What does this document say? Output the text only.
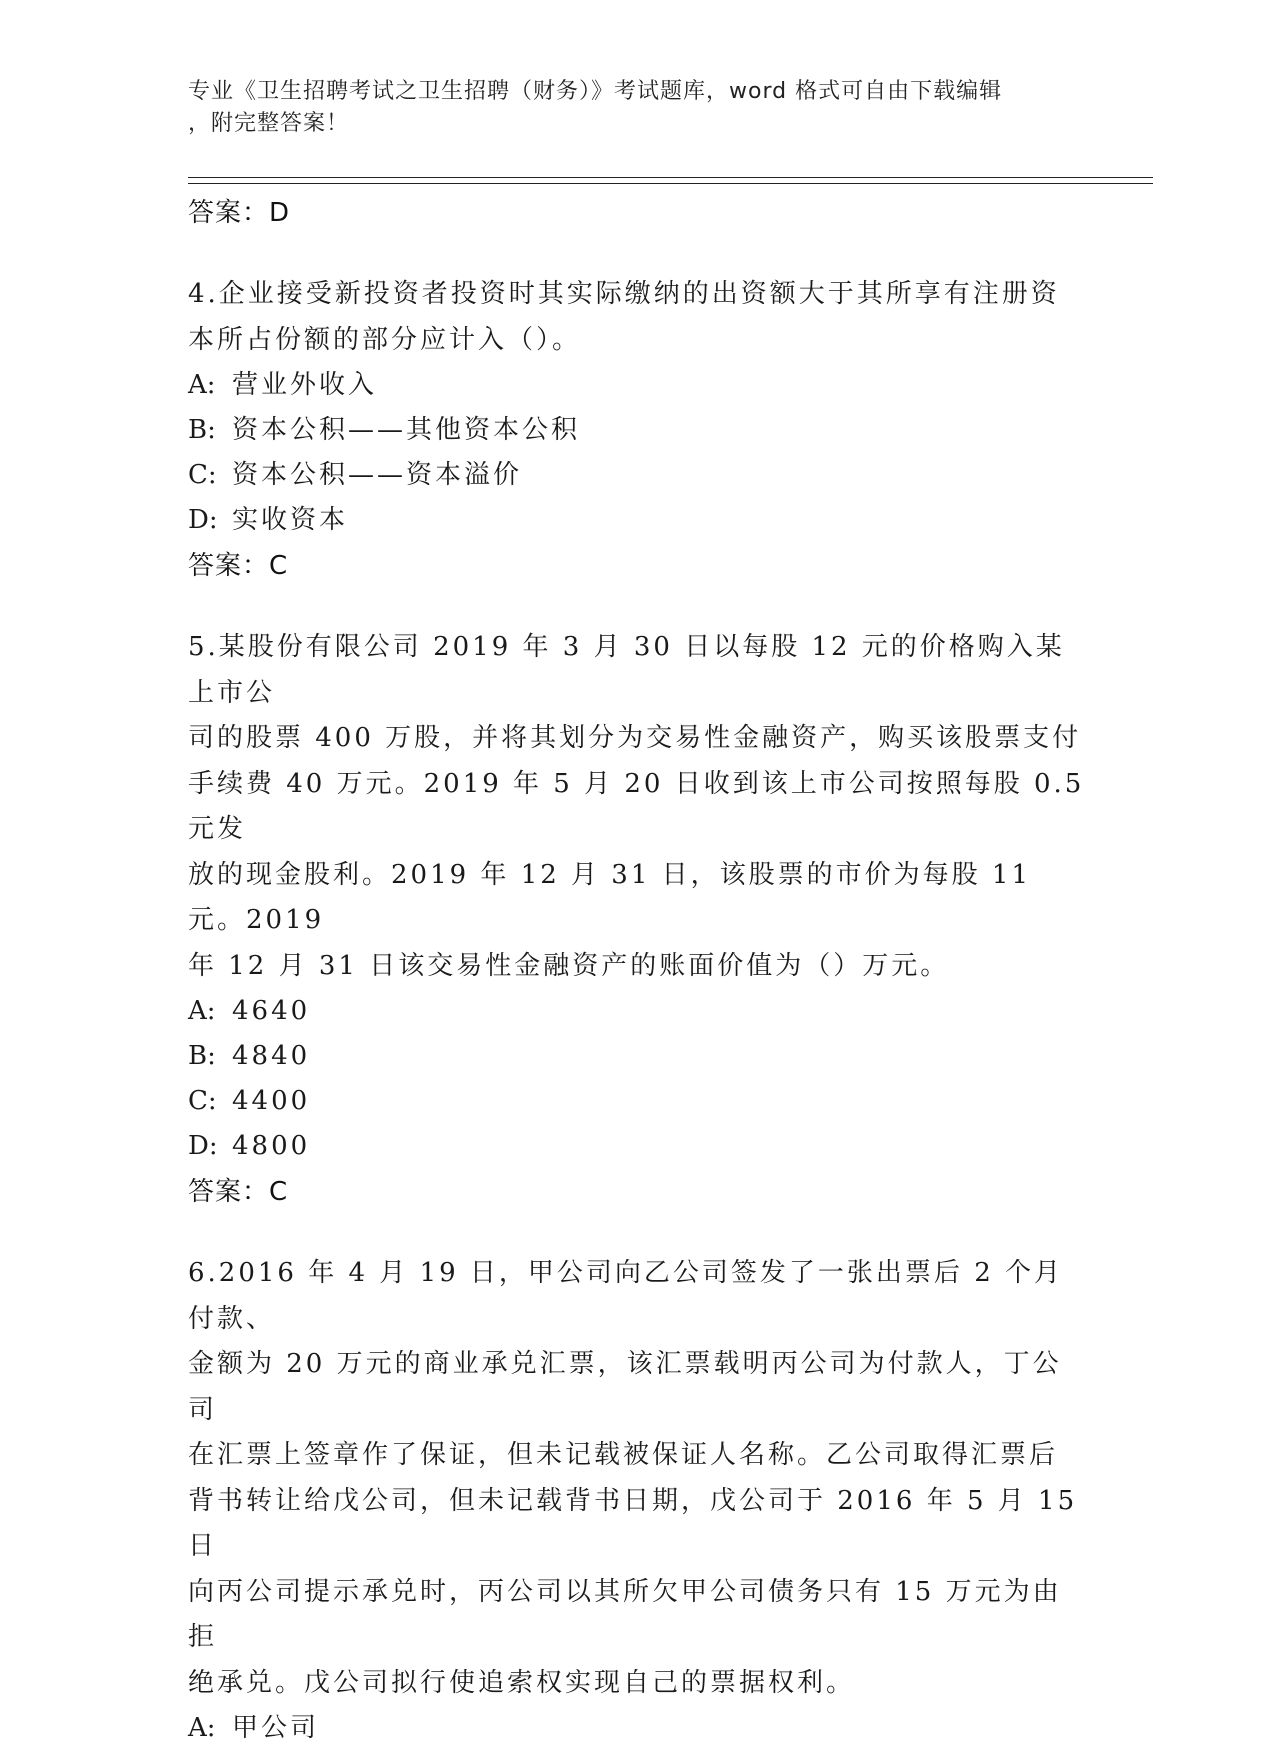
专业《卫生招聘考试之卫生招聘（财务）》考试题库，word 格式可自由下载编辑
，附完整答案！
答案：D
4.企业接受新投资者投资时其实际缴纳的出资额大于其所享有注册资
本所占份额的部分应计入（）。
A: 营业外收入
B: 资本公积——其他资本公积
C: 资本公积——资本溢价
D: 实收资本
答案：C
5.某股份有限公司 2019 年 3 月 30 日以每股 12 元的价格购入某上市公
司的股票 400 万股，并将其划分为交易性金融资产，购买该股票支付
手续费 40 万元。2019 年 5 月 20 日收到该上市公司按照每股 0.5 元发
放的现金股利。2019 年 12 月 31 日，该股票的市价为每股 11 元。2019
年 12 月 31 日该交易性金融资产的账面价值为（）万元。
A: 4640
B: 4840
C: 4400
D: 4800
答案：C
6.2016 年 4 月 19 日，甲公司向乙公司签发了一张出票后 2 个月付款、
金额为 20 万元的商业承兑汇票，该汇票载明丙公司为付款人，丁公司
在汇票上签章作了保证，但未记载被保证人名称。乙公司取得汇票后
背书转让给戊公司，但未记载背书日期，戊公司于 2016 年 5 月 15 日
向丙公司提示承兑时，丙公司以其所欠甲公司债务只有 15 万元为由拒
绝承兑。戊公司拟行使追索权实现自己的票据权利。
A: 甲公司
